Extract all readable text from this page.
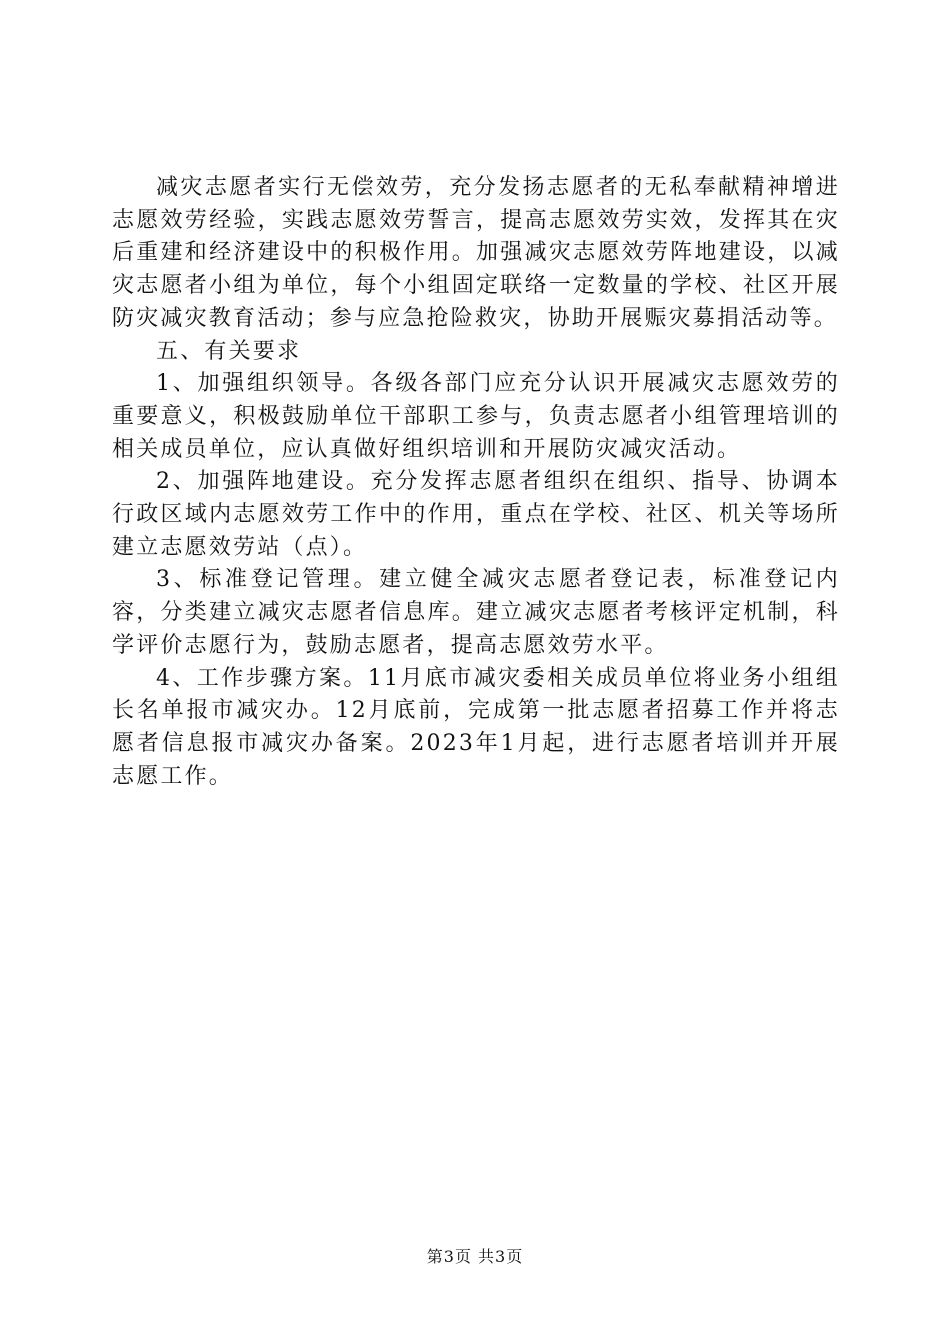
减灾志愿者实行无偿效劳，充分发扬志愿者的无私奉献精神增进志愿效劳经验，实践志愿效劳誓言，提高志愿效劳实效，发挥其在灾后重建和经济建设中的积极作用。加强减灾志愿效劳阵地建设，以减灾志愿者小组为单位，每个小组固定联络一定数量的学校、社区开展防灾减灾教育活动；参与应急抢险救灾，协助开展赈灾募捐活动等。

五、有关要求

1、加强组织领导。各级各部门应充分认识开展减灾志愿效劳的重要意义，积极鼓励单位干部职工参与，负责志愿者小组管理培训的相关成员单位，应认真做好组织培训和开展防灾减灾活动。

2、加强阵地建设。充分发挥志愿者组织在组织、指导、协调本行政区域内志愿效劳工作中的作用，重点在学校、社区、机关等场所建立志愿效劳站（点）。

3、标准登记管理。建立健全减灾志愿者登记表，标准登记内容，分类建立减灾志愿者信息库。建立减灾志愿者考核评定机制，科学评价志愿行为，鼓励志愿者，提高志愿效劳水平。

4、工作步骤方案。11月底市减灾委相关成员单位将业务小组组长名单报市减灾办。12月底前，完成第一批志愿者招募工作并将志愿者信息报市减灾办备案。2023年1月起，进行志愿者培训并开展志愿工作。

第3页 共3页
